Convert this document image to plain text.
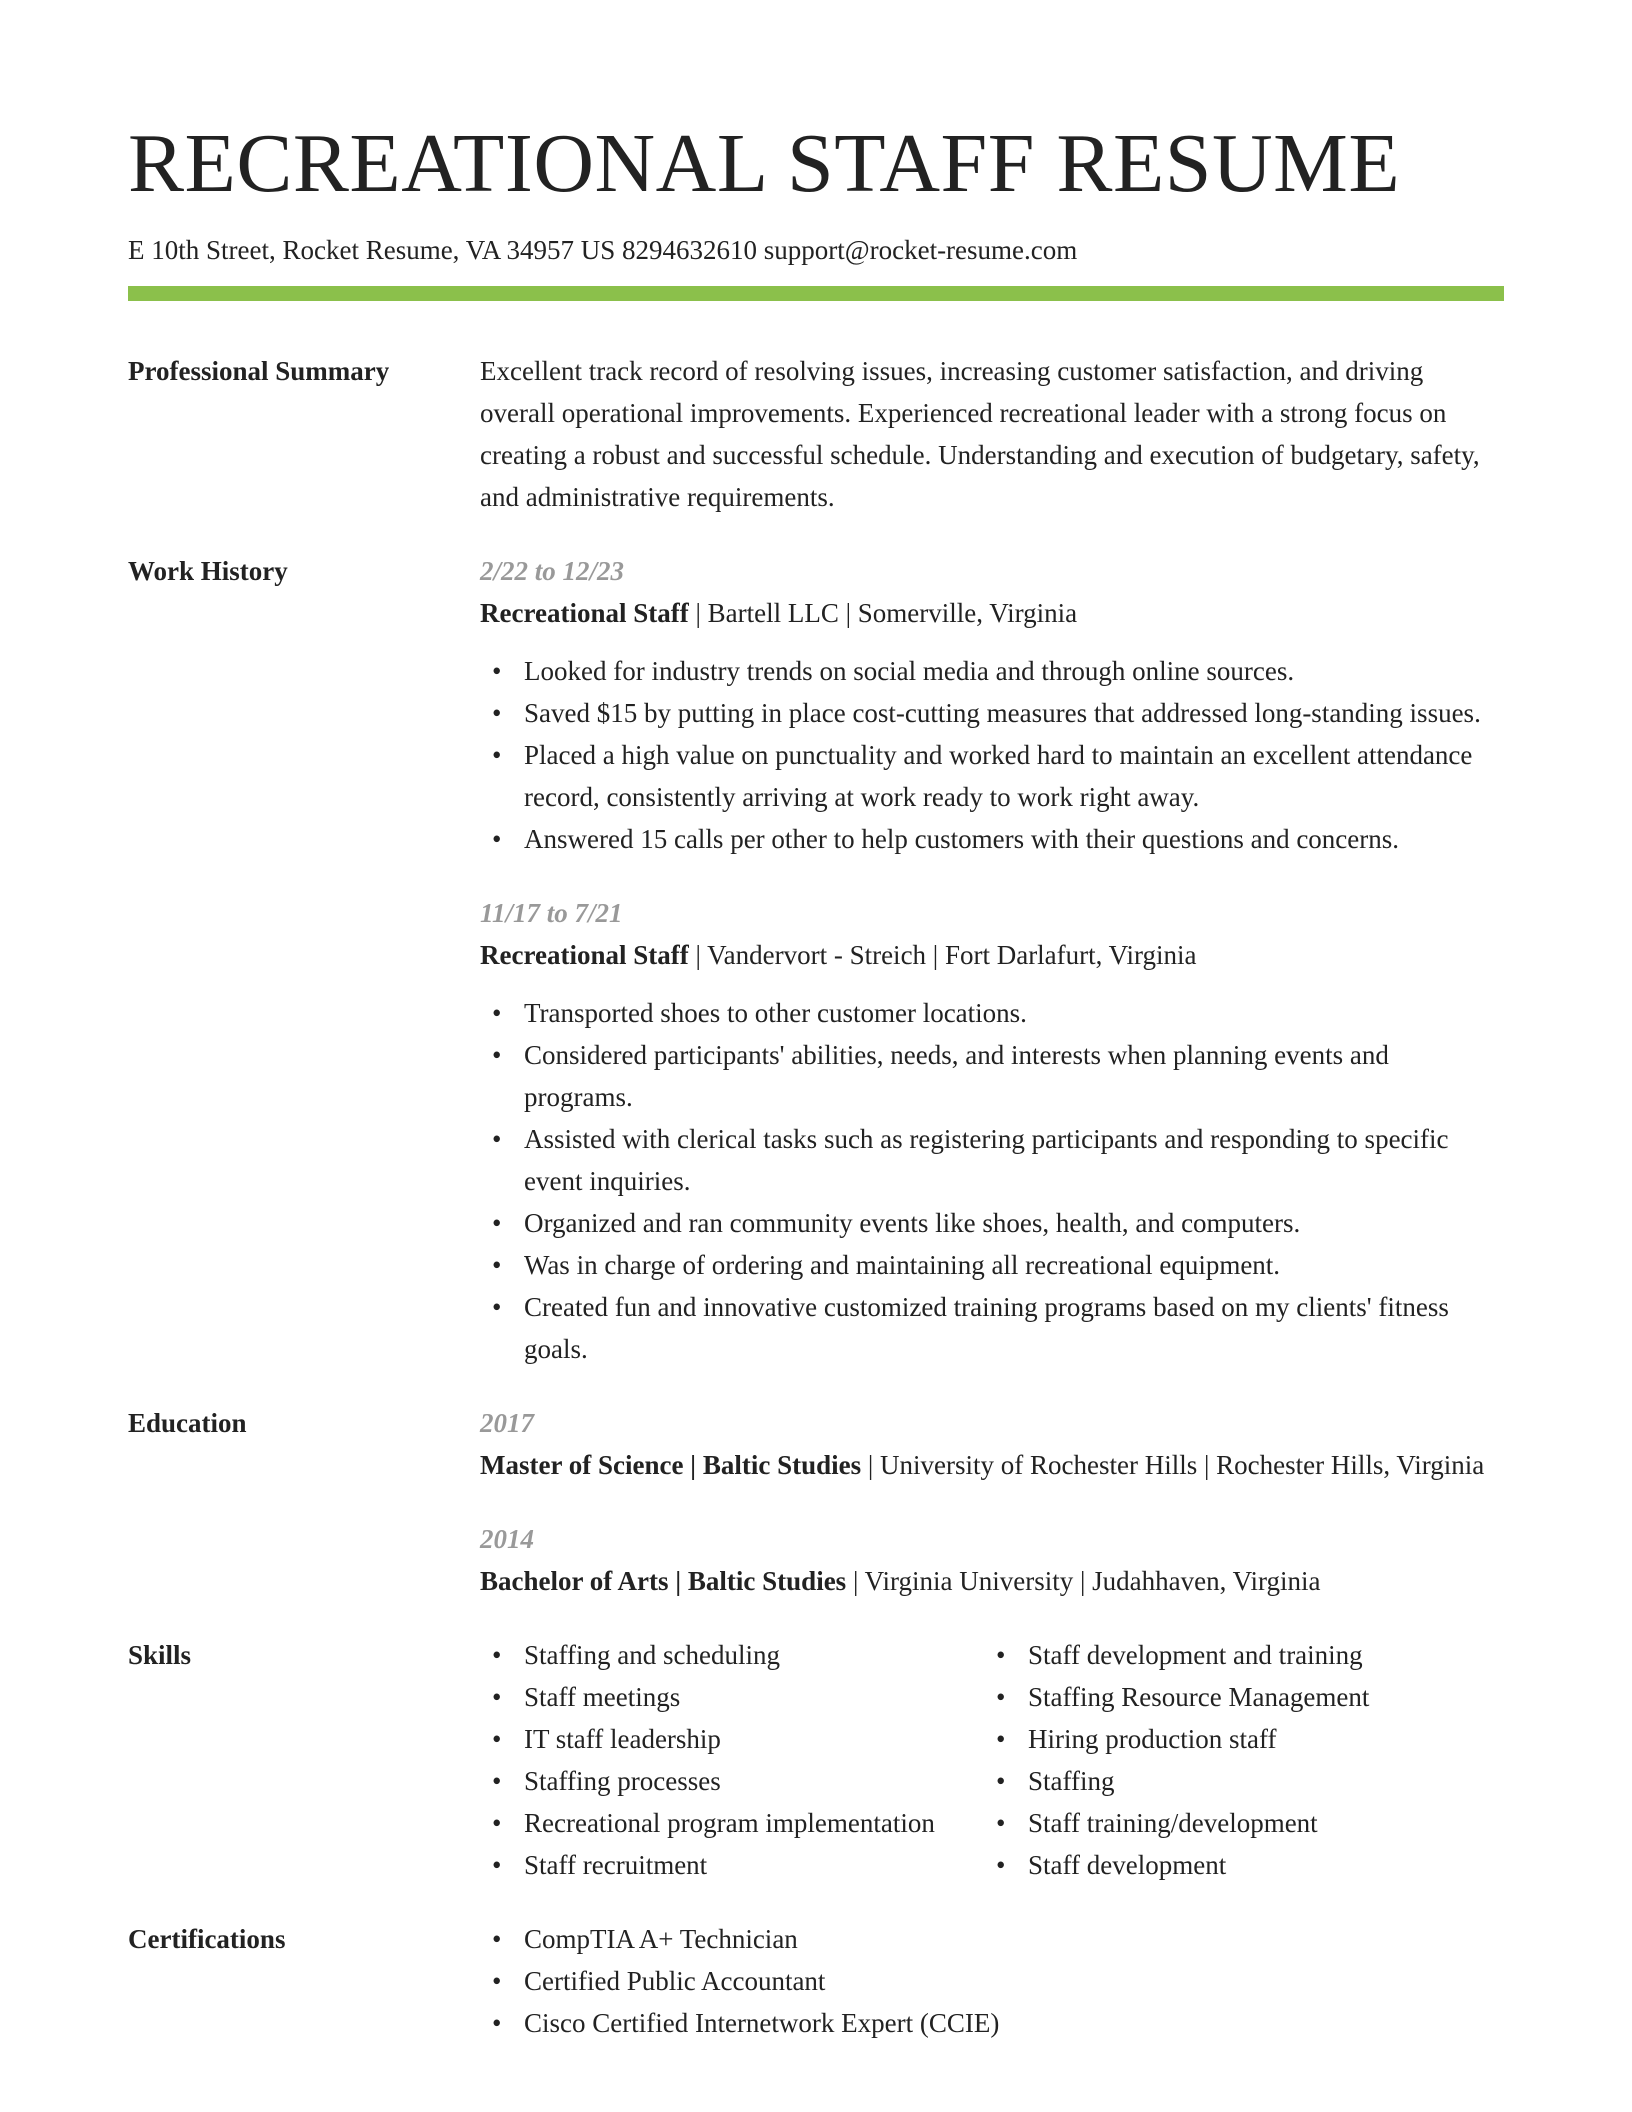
RECREATIONAL STAFF RESUME
E 10th Street, Rocket Resume, VA 34957 US 8294632610 support@rocket-resume.com
Professional Summary	Excellent track record of resolving issues, increasing customer satisfaction, and driving overall operational improvements. Experienced recreational leader with a strong focus on creating a robust and successful schedule. Understanding and execution of budgetary, safety, and administrative requirements.

Work History	2/22 to 12/23
Recreational Staff | Bartell LLC | Somerville, Virginia
• Looked for industry trends on social media and through online sources.
• Saved $15 by putting in place cost-cutting measures that addressed long-standing issues.
• Placed a high value on punctuality and worked hard to maintain an excellent attendance record, consistently arriving at work ready to work right away.
• Answered 15 calls per other to help customers with their questions and concerns.
11/17 to 7/21
Recreational Staff | Vandervort - Streich | Fort Darlafurt, Virginia
• Transported shoes to other customer locations.
• Considered participants' abilities, needs, and interests when planning events and programs.
• Assisted with clerical tasks such as registering participants and responding to specific event inquiries.
• Organized and ran community events like shoes, health, and computers.
• Was in charge of ordering and maintaining all recreational equipment.
• Created fun and innovative customized training programs based on my clients' fitness goals.
Education	2017
Master of Science | Baltic Studies | University of Rochester Hills | Rochester Hills, Virginia
2014
Bachelor of Arts | Baltic Studies | Virginia University | Judahhaven, Virginia
Skills	• Staffing and scheduling
• Staff meetings
• IT staff leadership
• Staffing processes
• Recreational program implementation
• Staff recruitment
• Staff development and training
• Staffing Resource Management
• Hiring production staff
• Staffing
• Staff training/development
• Staff development
Certifications	• CompTIA A+ Technician
• Certified Public Accountant
• Cisco Certified Internetwork Expert (CCIE)
